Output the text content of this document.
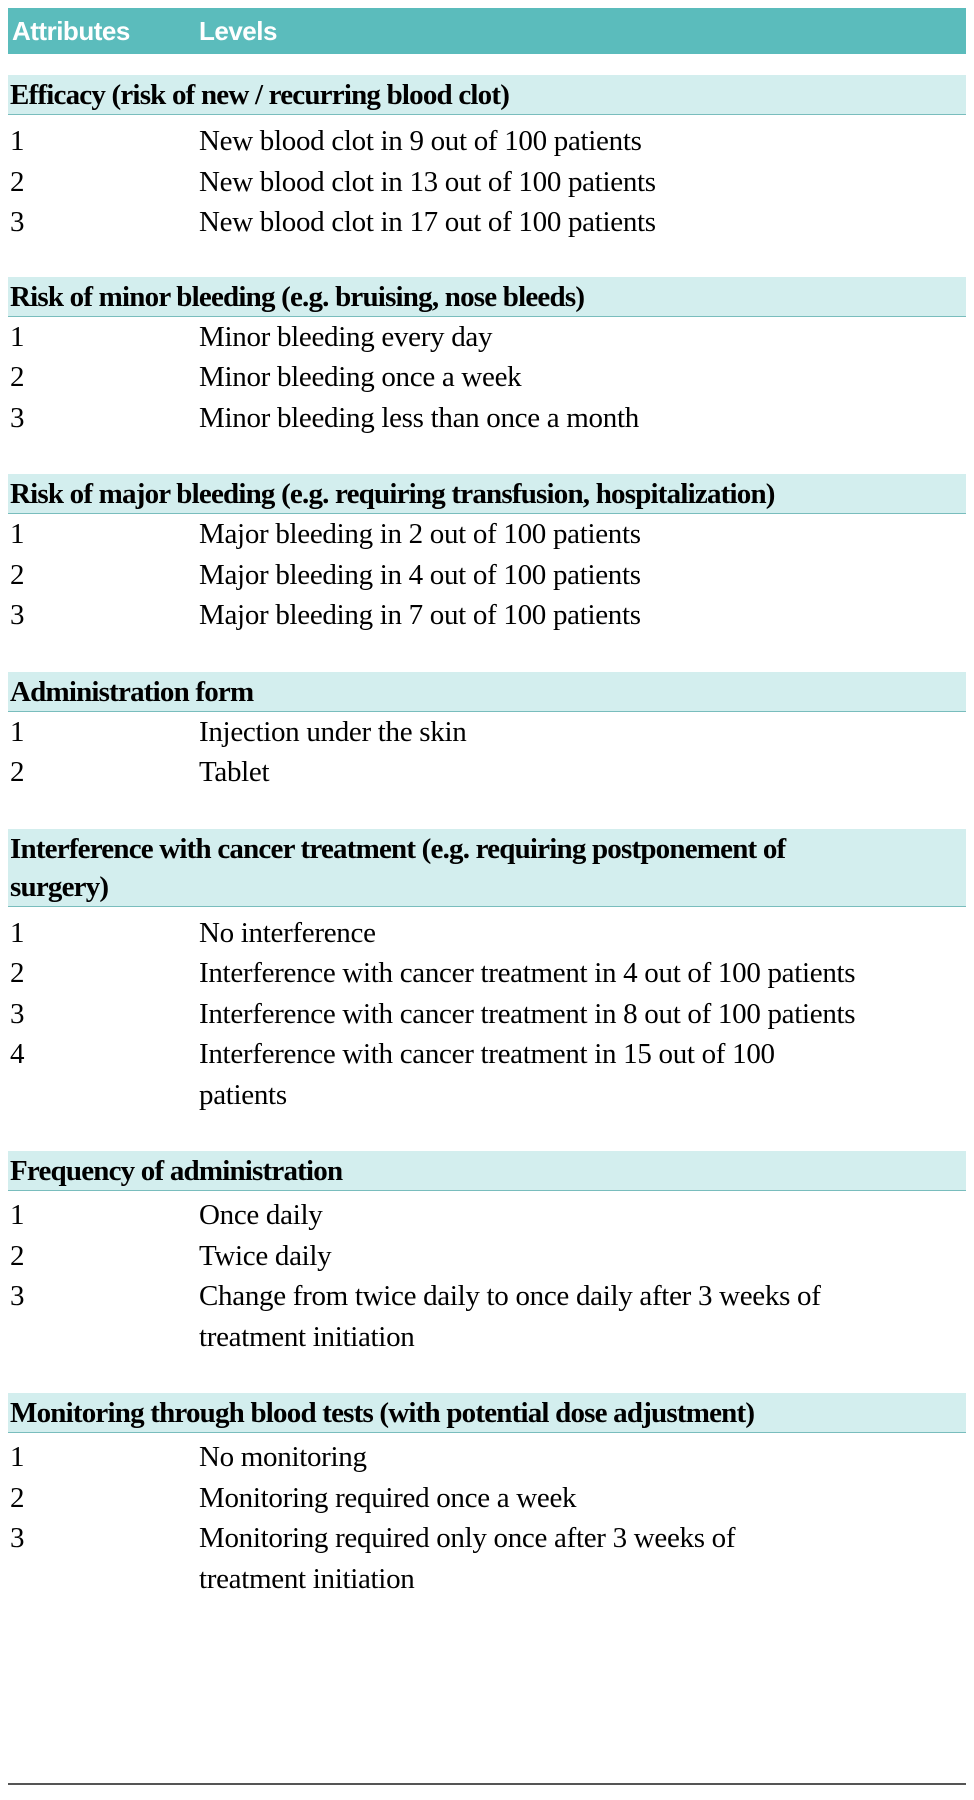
Attributes	Levels
Efficacy (risk of new / recurring blood clot)
1	New blood clot in 9 out of 100 patients
2	New blood clot in 13 out of 100 patients
3	New blood clot in 17 out of 100 patients
Risk of minor bleeding (e.g. bruising, nose bleeds)
1	Minor bleeding every day
2	Minor bleeding once a week
3	Minor bleeding less than once a month
Risk of major bleeding (e.g. requiring transfusion, hospitalization)
1	Major bleeding in 2 out of 100 patients
2	Major bleeding in 4 out of 100 patients
3	Major bleeding in 7 out of 100 patients
Administration form
1	Injection under the skin
2	Tablet
Interference with cancer treatment (e.g. requiring postponement of surgery)
1	No interference
2	Interference with cancer treatment in 4 out of 100 patients
3	Interference with cancer treatment in 8 out of 100 patients
4	Interference with cancer treatment in 15 out of 100 patients
Frequency of administration
1	Once daily
2	Twice daily
3	Change from twice daily to once daily after 3 weeks of treatment initiation
Monitoring through blood tests (with potential dose adjustment)
1	No monitoring
2	Monitoring required once a week
3	Monitoring required only once after 3 weeks of treatment initiation
